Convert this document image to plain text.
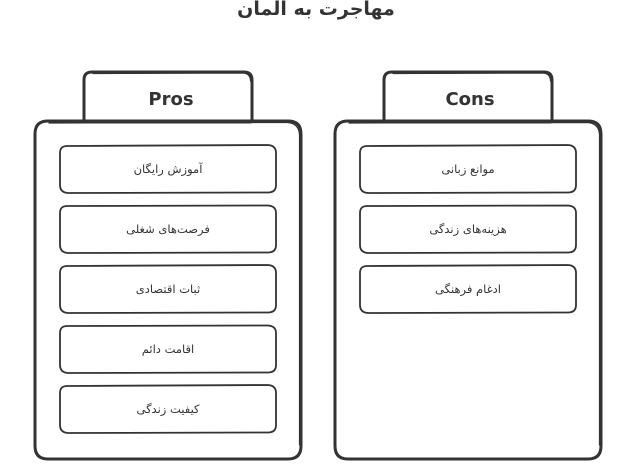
مهاجرت به المان
Pros
آموزش رایگان
فرصت‌های شغلی
ثبات اقتصادی
اقامت دائم
کیفیت زندگی
Cons
موانع زبانی
هزینه‌های زندگی
ادغام فرهنگی
